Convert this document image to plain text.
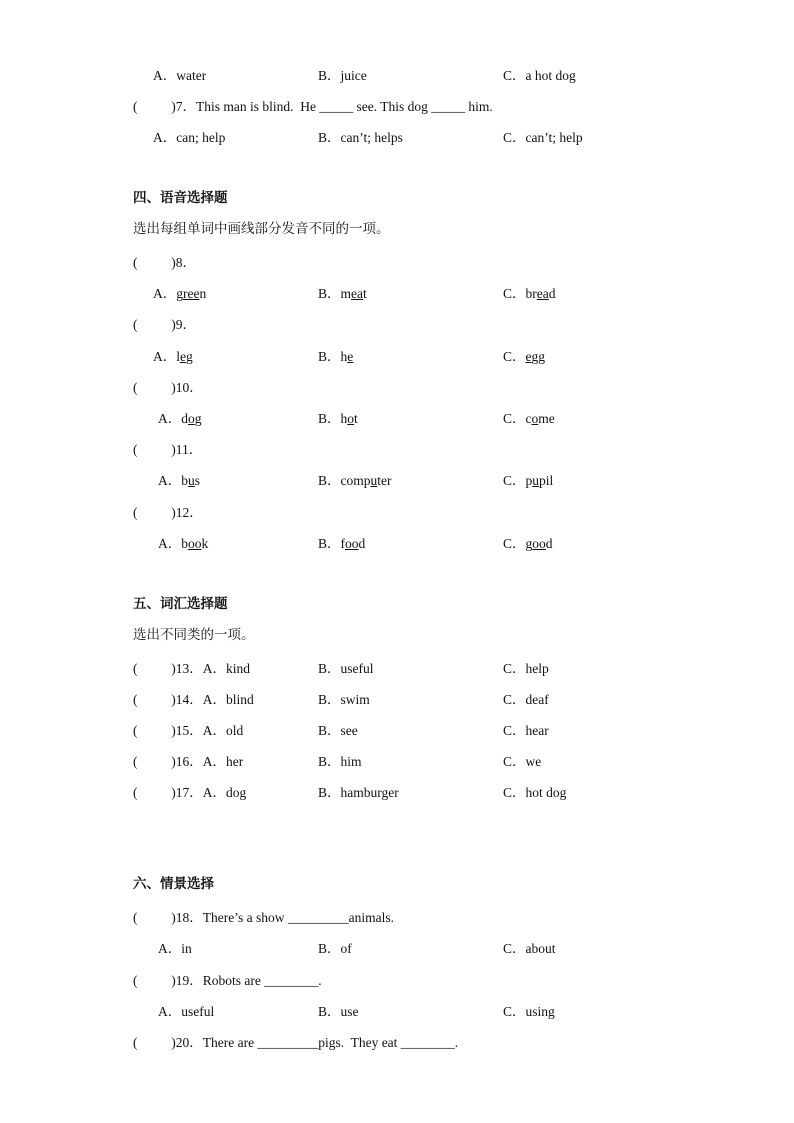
A．water

	B．juice

	C．a hot dog

(          )7．This man is blind.  He _____ see. This dog _____ him.

A．can; help

	B．can’t; helps

	C．can’t; help

四、语音选择题

选出每组单词中画线部分发音不同的一项。

(          )8．

A．green

	B．meat

	C．bread

(          )9．

A．leg

	B．he

	C．egg

(          )10．

A．dog

	B．hot

	C．come

(          )11．

A．bus

	B．computer

	C．pupil

(          )12．

A．book

	B．food

	C．good

五、词汇选择题

选出不同类的一项。

(          )13．A．kind

	B．useful

	C．help

(          )14．A．blind

	B．swim

	C．deaf

(          )15．A．old

	B．see

	C．hear

(          )16．A．her

	B．him

	C．we

(          )17．A．dog

	B．hamburger

	C．hot dog

六、情景选择

(          )18．There’s a show _________animals.

A．in

	B．of

	C．about

(          )19．Robots are ________.

A．useful

	B．use

	C．using

(          )20．There are _________pigs.  They eat ________.
